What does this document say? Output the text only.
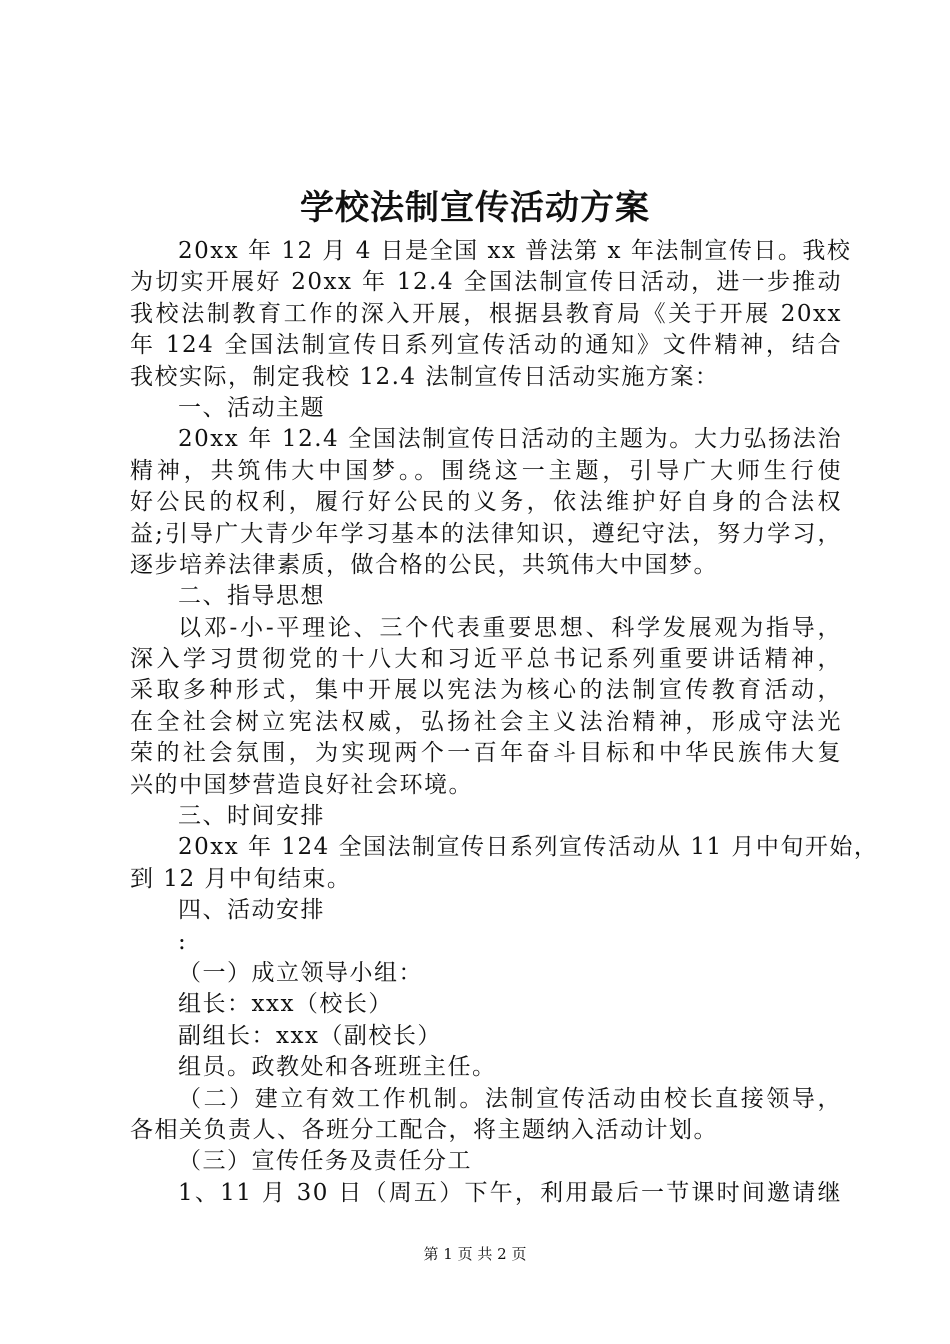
学校法制宣传活动方案
20xx 年 12 月 4 日是全国 xx 普法第 x 年法制宣传日。我校
为切实开展好 20xx 年 12.4 全国法制宣传日活动，进一步推动
我校法制教育工作的深入开展，根据县教育局《关于开展 20xx
年 124 全国法制宣传日系列宣传活动的通知》文件精神，结合
我校实际，制定我校 12.4 法制宣传日活动实施方案：
一、活动主题
20xx 年 12.4 全国法制宣传日活动的主题为。大力弘扬法治
精神，共筑伟大中国梦。。围绕这一主题，引导广大师生行使
好公民的权利，履行好公民的义务，依法维护好自身的合法权
益;引导广大青少年学习基本的法律知识，遵纪守法，努力学习，
逐步培养法律素质，做合格的公民，共筑伟大中国梦。
二、指导思想
以邓-小-平理论、三个代表重要思想、科学发展观为指导，
深入学习贯彻党的十八大和习近平总书记系列重要讲话精神，
采取多种形式，集中开展以宪法为核心的法制宣传教育活动，
在全社会树立宪法权威，弘扬社会主义法治精神，形成守法光
荣的社会氛围，为实现两个一百年奋斗目标和中华民族伟大复
兴的中国梦营造良好社会环境。
三、时间安排
20xx 年 124 全国法制宣传日系列宣传活动从 11 月中旬开始，
到 12 月中旬结束。
四、活动安排
:
（一）成立领导小组：
组长：xxx（校长）
副组长：xxx（副校长）
组员。政教处和各班班主任。
（二）建立有效工作机制。法制宣传活动由校长直接领导，
各相关负责人、各班分工配合，将主题纳入活动计划。
（三）宣传任务及责任分工
1、11 月 30 日（周五）下午，利用最后一节课时间邀请继
第 1 页 共 2 页
